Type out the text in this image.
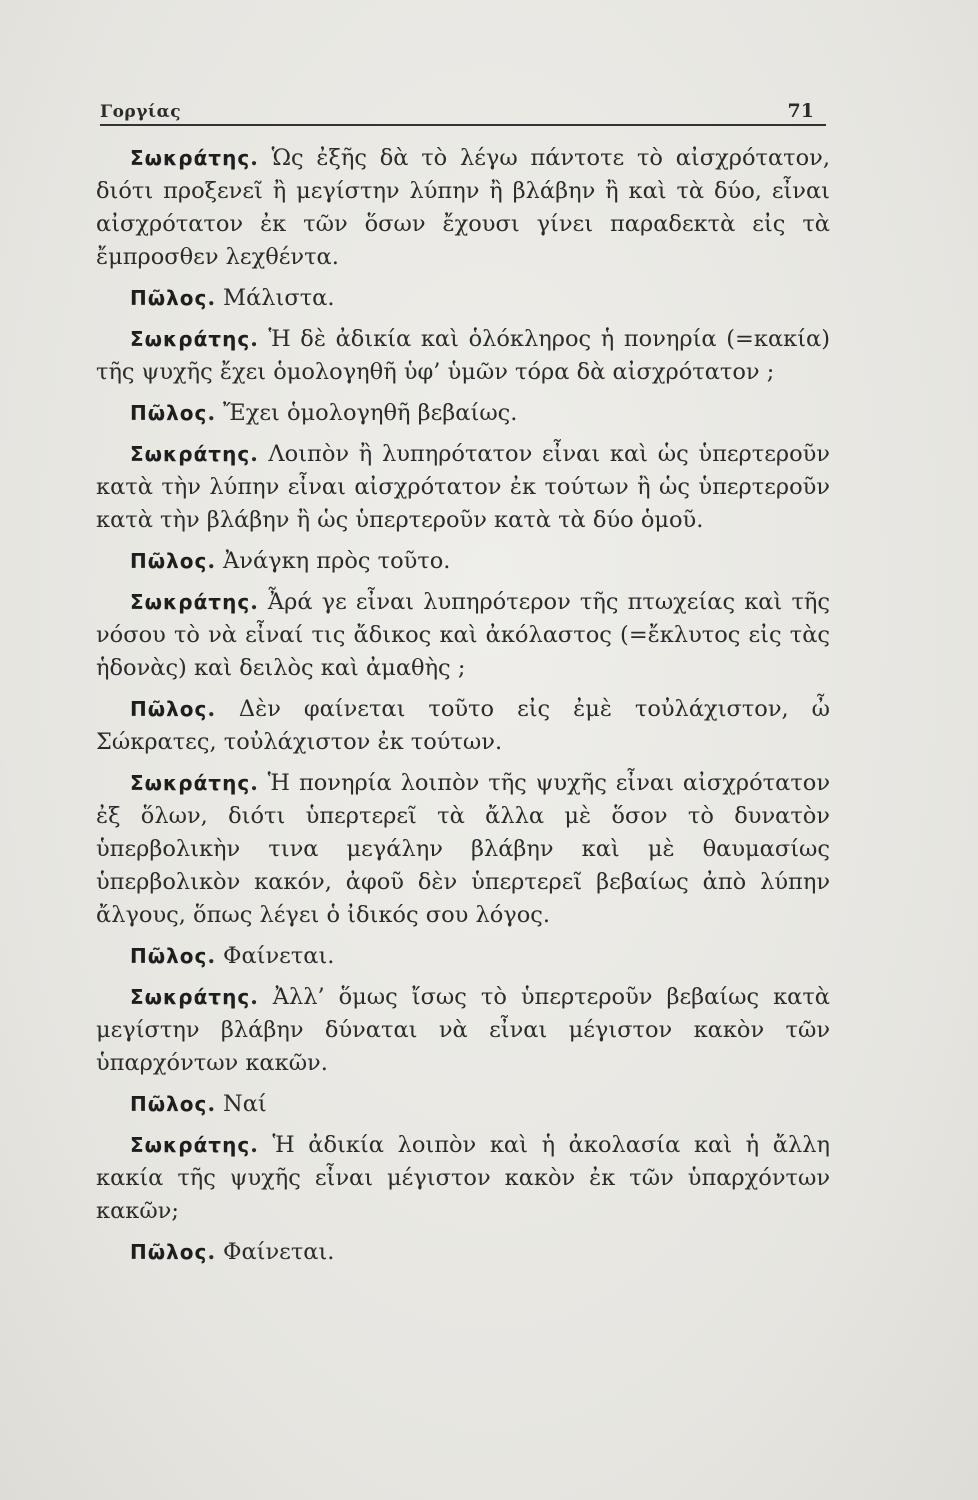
Γοργίας	71

Σωκράτης. Ὡς ἐξῆς δὰ τὸ λέγω πάντοτε τὸ αἰσχρότατον, διότι προξενεῖ ἢ μεγίστην λύπην ἢ βλάβην ἢ καὶ τὰ δύο, εἶναι αἰσχρότατον ἐκ τῶν ὅσων ἔχουσι γίνει παραδεκτὰ εἰς τὰ ἔμπροσθεν λεχθέντα.

Πῶλος. Μάλιστα.

Σωκράτης. Ἡ δὲ ἀδικία καὶ ὁλόκληρος ἡ πονηρία (=κακία) τῆς ψυχῆς ἔχει ὁμολογηθῆ ὑφ’ ὑμῶν τόρα δὰ αἰσχρότατον ;

Πῶλος. Ἔχει ὁμολογηθῆ βεβαίως.

Σωκράτης. Λοιπὸν ἢ λυπηρότατον εἶναι καὶ ὡς ὑπερτεροῦν κατὰ τὴν λύπην εἶναι αἰσχρότατον ἐκ τούτων ἢ ὡς ὑπερτεροῦν κατὰ τὴν βλάβην ἢ ὡς ὑπερτεροῦν κατὰ τὰ δύο ὁμοῦ.

Πῶλος. Ἀνάγκη πρὸς τοῦτο.

Σωκράτης. Ἆρά γε εἶναι λυπηρότερον τῆς πτωχείας καὶ τῆς νόσου τὸ νὰ εἶναί τις ἄδικος καὶ ἀκόλαστος (=ἔκλυτος εἰς τὰς ἡδονὰς) καὶ δειλὸς καὶ ἀμαθὴς ;

Πῶλος. Δὲν φαίνεται τοῦτο εἰς ἐμὲ τοὐλάχιστον, ὦ Σώκρατες, τοὐλάχιστον ἐκ τούτων.

Σωκράτης. Ἡ πονηρία λοιπὸν τῆς ψυχῆς εἶναι αἰσχρότατον ἐξ ὅλων, διότι ὑπερτερεῖ τὰ ἄλλα μὲ ὅσον τὸ δυνατὸν ὑπερβολικὴν τινα μεγάλην βλάβην καὶ μὲ θαυμασίως ὑπερβολικὸν κακόν, ἀφοῦ δὲν ὑπερτερεῖ βεβαίως ἀπὸ λύπην ἄλγους, ὅπως λέγει ὁ ἰδικός σου λόγος.

Πῶλος. Φαίνεται.

Σωκράτης. Ἀλλ’ ὅμως ἴσως τὸ ὑπερτεροῦν βεβαίως κατὰ μεγίστην βλάβην δύναται νὰ εἶναι μέγιστον κακὸν τῶν ὑπαρχόντων κακῶν.

Πῶλος. Ναί

Σωκράτης. Ἡ ἀδικία λοιπὸν καὶ ἡ ἀκολασία καὶ ἡ ἄλλη κακία τῆς ψυχῆς εἶναι μέγιστον κακὸν ἐκ τῶν ὑπαρχόντων κακῶν;

Πῶλος. Φαίνεται.
